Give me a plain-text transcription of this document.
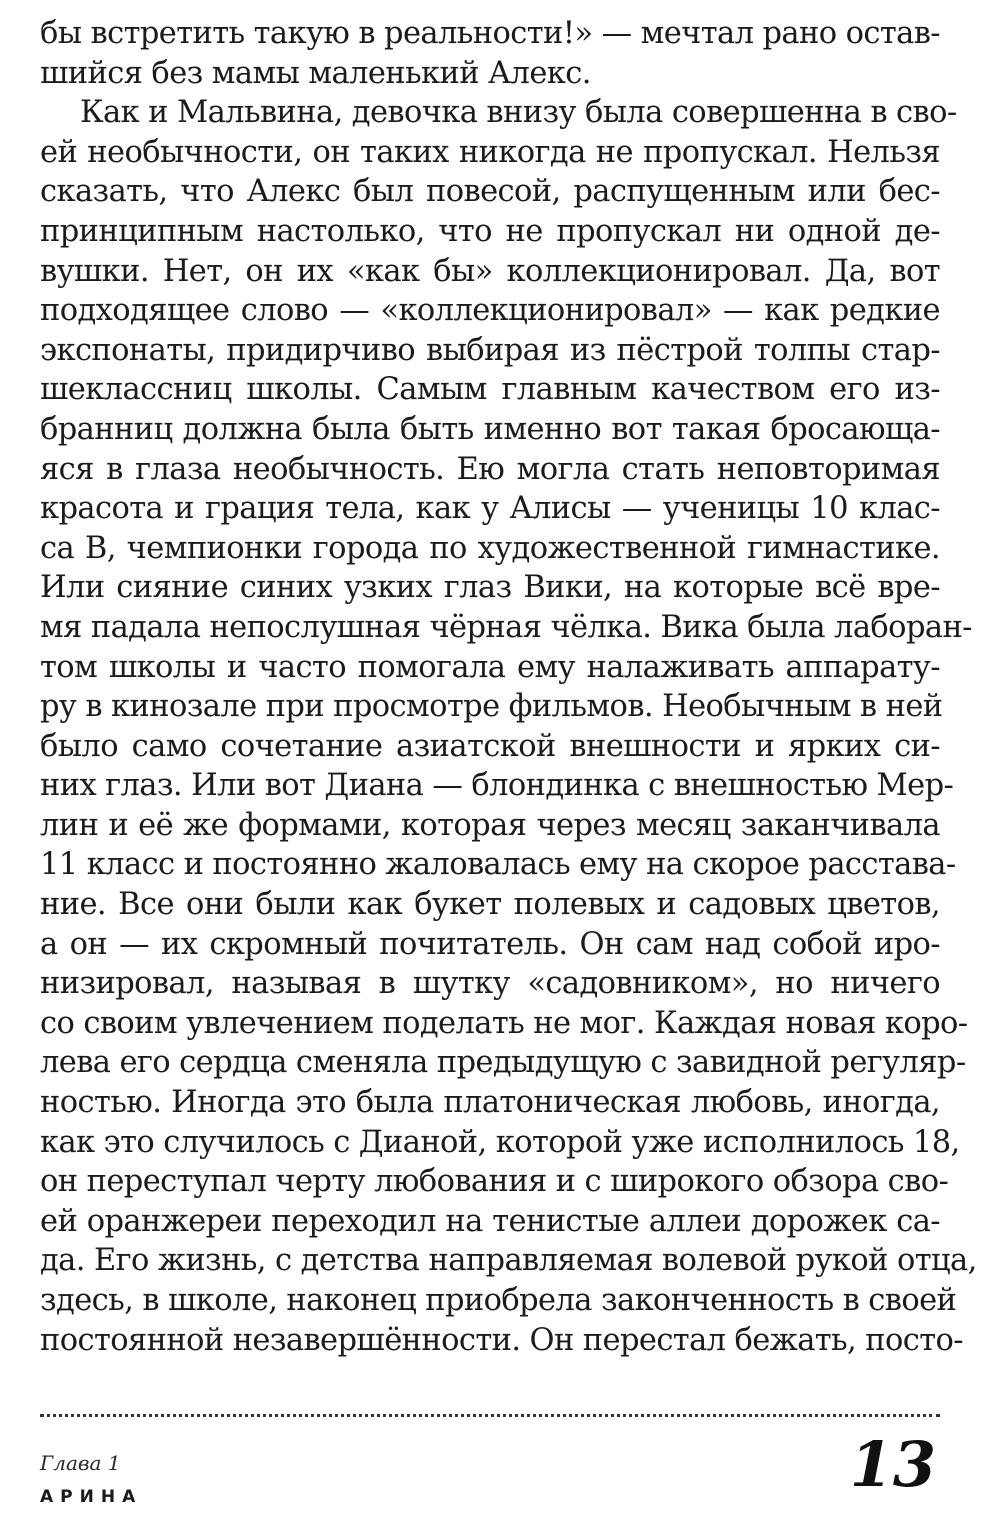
бы встретить такую в реальности!» — мечтал рано остав-
шийся без мамы маленький Алекс.
Как и Мальвина, девочка внизу была совершенна в сво-
ей необычности, он таких никогда не пропускал. Нельзя
сказать, что Алекс был повесой, распущенным или бес-
принципным настолько, что не пропускал ни одной де-
вушки. Нет, он их «как бы» коллекционировал. Да, вот
подходящее слово — «коллекционировал» — как редкие
экспонаты, придирчиво выбирая из пёстрой толпы стар-
шеклассниц школы. Самым главным качеством его из-
бранниц должна была быть именно вот такая бросающа-
яся в глаза необычность. Ею могла стать неповторимая
красота и грация тела, как у Алисы — ученицы 10 клас-
са В, чемпионки города по художественной гимнастике.
Или сияние синих узких глаз Вики, на которые всё вре-
мя падала непослушная чёрная чёлка. Вика была лаборан-
том школы и часто помогала ему налаживать аппарату-
ру в кинозале при просмотре фильмов. Необычным в ней
было само сочетание азиатской внешности и ярких си-
них глаз. Или вот Диана — блондинка с внешностью Мер-
лин и её же формами, которая через месяц заканчивала
11 класс и постоянно жаловалась ему на скорое расстава-
ние. Все они были как букет полевых и садовых цветов,
а он — их скромный почитатель. Он сам над собой иро-
низировал, называя в шутку «садовником», но ничего
со своим увлечением поделать не мог. Каждая новая коро-
лева его сердца сменяла предыдущую с завидной регуляр-
ностью. Иногда это была платоническая любовь, иногда,
как это случилось с Дианой, которой уже исполнилось 18,
он переступал черту любования и с широкого обзора сво-
ей оранжереи переходил на тенистые аллеи дорожек са-
да. Его жизнь, с детства направляемая волевой рукой отца,
здесь, в школе, наконец приобрела законченность в своей
постоянной незавершённости. Он перестал бежать, посто-
Глава 1
АРИНА	13
